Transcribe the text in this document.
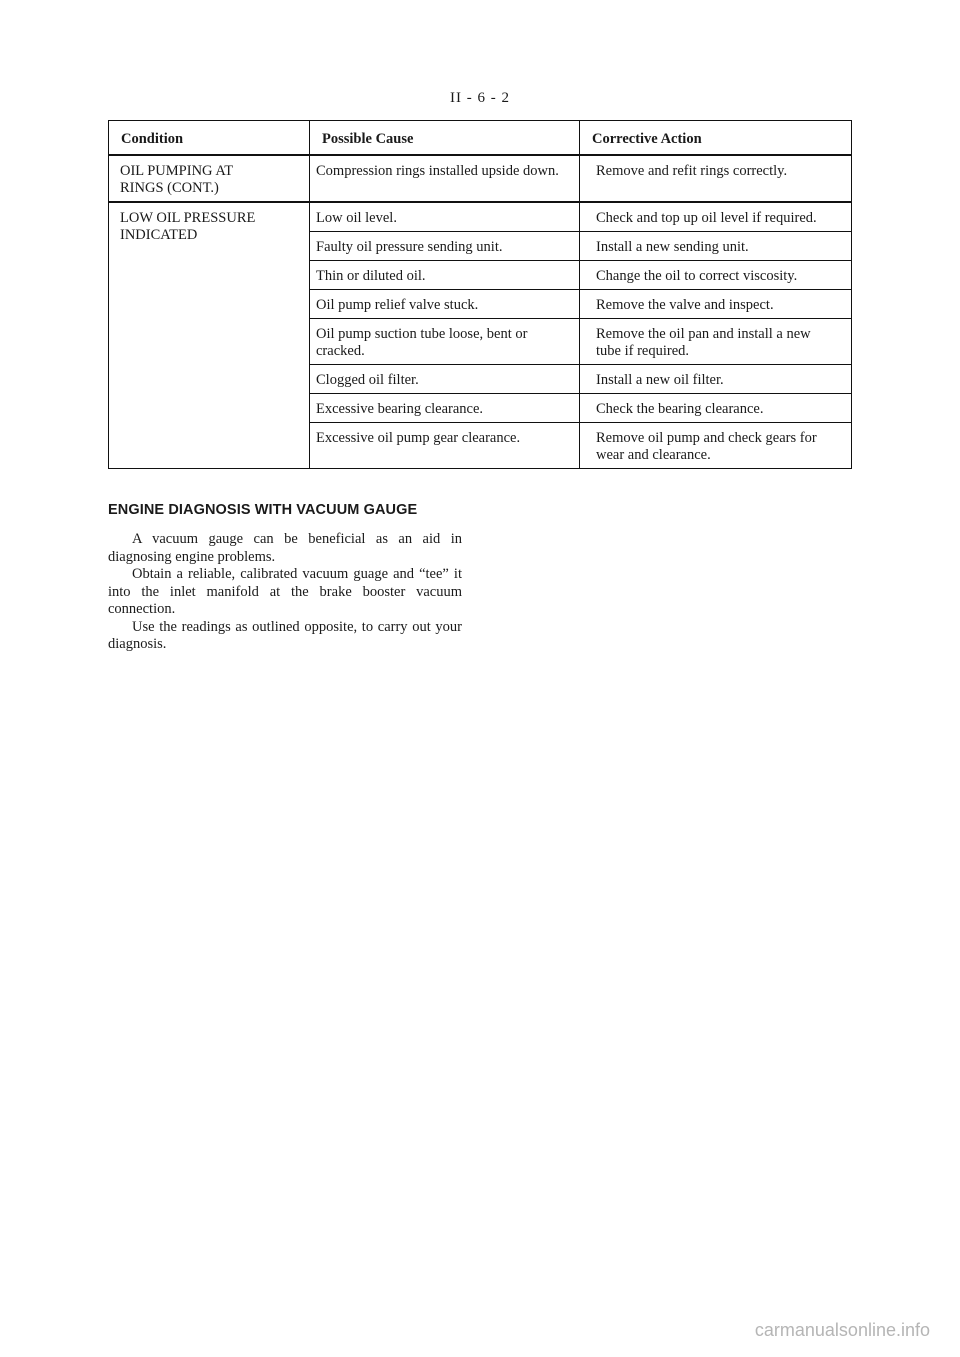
II - 6 - 2
Condition	Possible Cause	Corrective Action
OIL PUMPING AT
RINGS (CONT.)	Compression rings installed upside down.	Remove and refit rings correctly.
LOW OIL PRESSURE
INDICATED	Low oil level.	Check and top up oil level if required.
	Faulty oil pressure sending unit.	Install a new sending unit.
	Thin or diluted oil.	Change the oil to correct viscosity.
	Oil pump relief valve stuck.	Remove the valve and inspect.
	Oil pump suction tube loose, bent or cracked.	Remove the oil pan and install a new tube if required.
	Clogged oil filter.	Install a new oil filter.
	Excessive bearing clearance.	Check the bearing clearance.
	Excessive oil pump gear clearance.	Remove oil pump and check gears for wear and clearance.
ENGINE DIAGNOSIS WITH VACUUM GAUGE

A vacuum gauge can be beneficial as an aid in diagnosing engine problems.

Obtain a reliable, calibrated vacuum guage and “tee” it into the inlet manifold at the brake booster vacuum connection.

Use the readings as outlined opposite, to carry out your diagnosis.

carmanualsonline.info
